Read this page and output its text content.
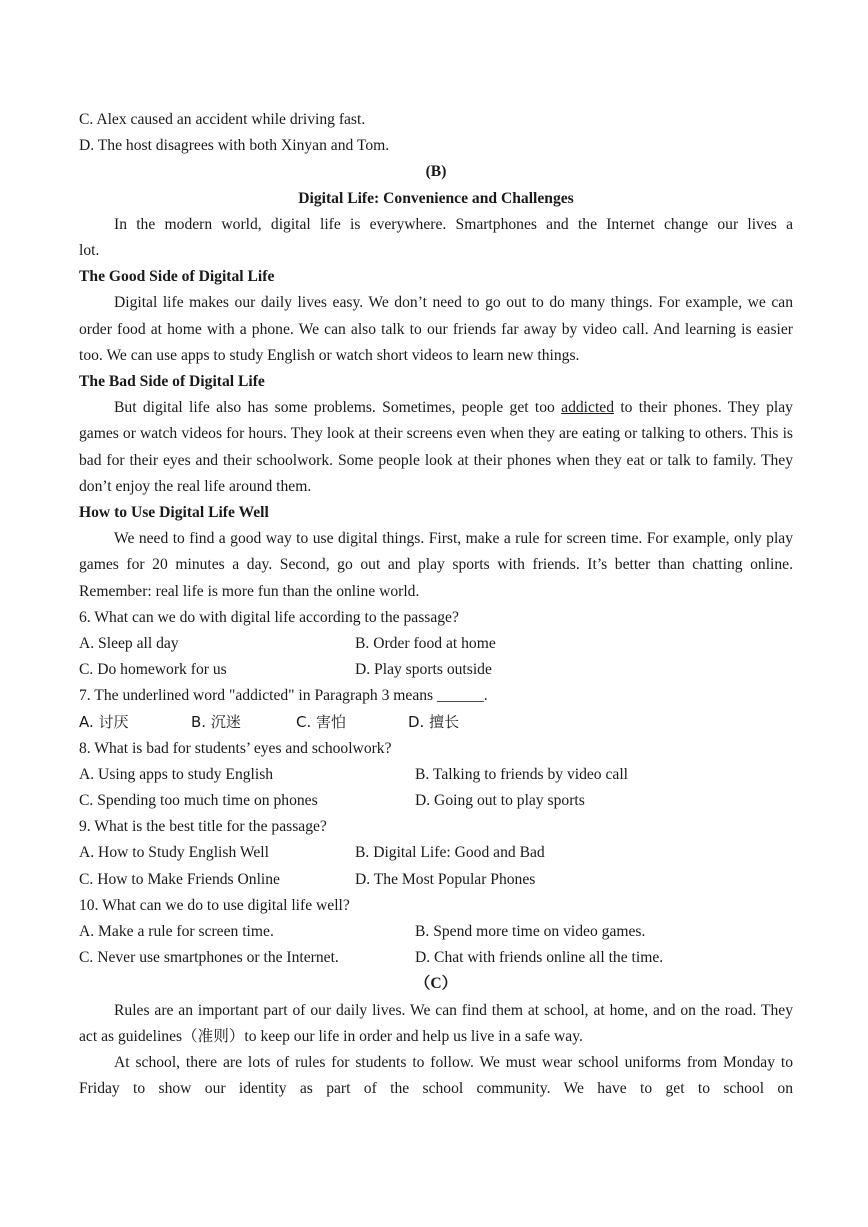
C. Alex caused an accident while driving fast.
D. The host disagrees with both Xinyan and Tom.
(B)
Digital Life: Convenience and Challenges
In the modern world, digital life is everywhere. Smartphones and the Internet change our lives a
lot.
The Good Side of Digital Life
Digital life makes our daily lives easy. We don’t need to go out to do many things. For example, we can order food at home with a phone. We can also talk to our friends far away by video call. And learning is easier too. We can use apps to study English or watch short videos to learn new things.
The Bad Side of Digital Life
But digital life also has some problems. Sometimes, people get too addicted to their phones. They play games or watch videos for hours. They look at their screens even when they are eating or talking to others. This is bad for their eyes and their schoolwork. Some people look at their phones when they eat or talk to family. They don’t enjoy the real life around them.
How to Use Digital Life Well
We need to find a good way to use digital things. First, make a rule for screen time. For example, only play games for 20 minutes a day. Second, go out and play sports with friends. It’s better than chatting online. Remember: real life is more fun than the online world.
6. What can we do with digital life according to the passage?
A. Sleep all day	B. Order food at home
C. Do homework for us	D. Play sports outside
7. The underlined word "addicted" in Paragraph 3 means ______.
A. 讨厌	B. 沉迷	C. 害怕	D. 擅长
8. What is bad for students’ eyes and schoolwork?
A. Using apps to study English	B. Talking to friends by video call
C. Spending too much time on phones	D. Going out to play sports
9. What is the best title for the passage?
A. How to Study English Well	B. Digital Life: Good and Bad
C. How to Make Friends Online	D. The Most Popular Phones
10. What can we do to use digital life well?
A. Make a rule for screen time.	B. Spend more time on video games.
C. Never use smartphones or the Internet.	D. Chat with friends online all the time.
（C）
Rules are an important part of our daily lives. We can find them at school, at home, and on the road. They act as guidelines（准则）to keep our life in order and help us live in a safe way.
At school, there are lots of rules for students to follow. We must wear school uniforms from Monday to Friday to show our identity as part of the school community. We have to get to school on
